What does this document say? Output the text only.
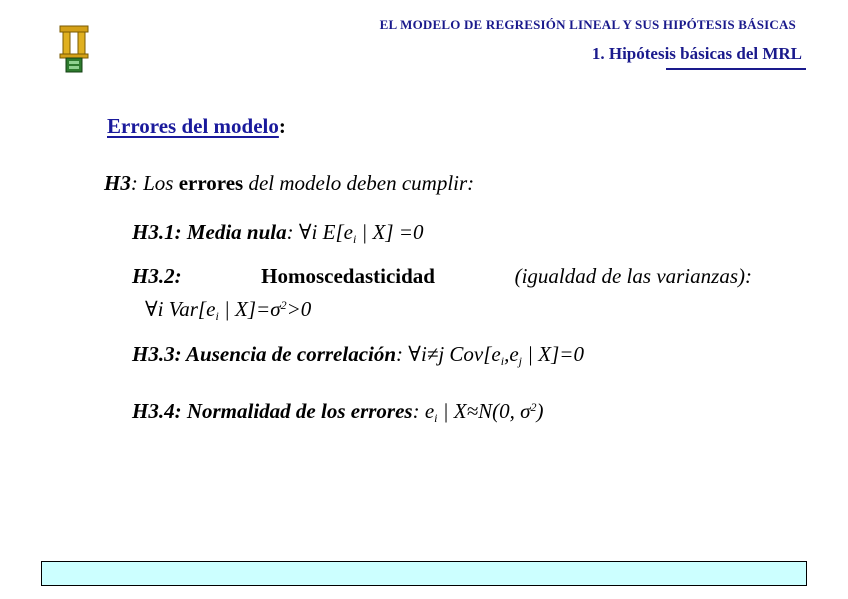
EL MODELO DE REGRESIÓN LINEAL Y SUS HIPÓTESIS BÁSICAS
1. Hipótesis básicas del MRL
Errores del modelo:
H3: Los errores del modelo deben cumplir:
H3.1: Media nula: ∀i $E[e_i$ | X] =0
H3.2:	Homoscedasticidad	(igualdad de las varianzas):
∀i $Var[e_i$ | $X]=\sigma^2>0$
H3.3: Ausencia de correlación: ∀i≠j $Cov[e_i,e_j$ | X]=0
H3.4: Normalidad de los errores: $e_i$ | X≈N(0, $\sigma^2$)
